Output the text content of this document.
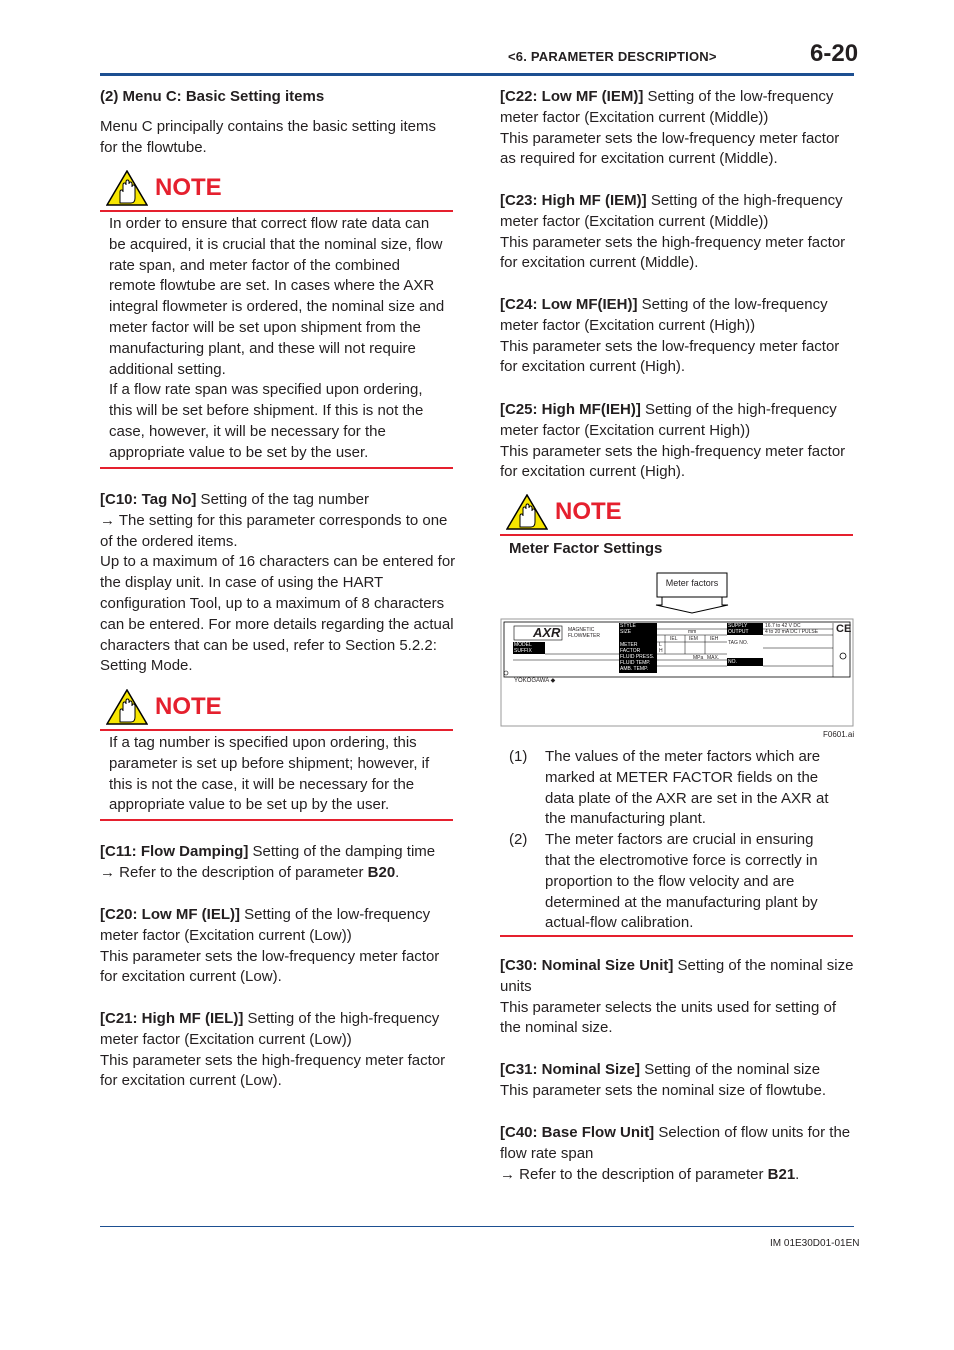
<6. PARAMETER DESCRIPTION>	6-20
(2) Menu C: Basic Setting items
Menu C principally contains the basic setting items for the flowtube.
NOTE

In order to ensure that correct flow rate data can be acquired, it is crucial that the nominal size, flow rate span, and meter factor of the combined remote flowtube are set. In cases where the AXR integral flowmeter is ordered, the nominal size and meter factor will be set upon shipment from the manufacturing plant, and these will not require additional setting.

If a flow rate span was specified upon ordering, this will be set before shipment. If this is not the case, however, it will be necessary for the appropriate value to be set by the user.

[C10: Tag No] Setting of the tag number

→ The setting for this parameter corresponds to one of the ordered items.

Up to a maximum of 16 characters can be entered for the display unit. In case of using the HART configuration Tool, up to a maximum of 8 characters can be entered. For more details regarding the actual characters that can be used, refer to Section 5.2.2: Setting Mode.

NOTE

If a tag number is specified upon ordering, this parameter is set up before shipment; however, if this is not the case, it will be necessary for the appropriate value to be set up by the user.

[C11: Flow Damping] Setting of the damping time

→ Refer to the description of parameter B20.

[C20: Low MF (IEL)] Setting of the low-frequency meter factor (Excitation current (Low))

This parameter sets the low-frequency meter factor for excitation current (Low).

[C21: High MF (IEL)] Setting of the high-frequency meter factor (Excitation current (Low))

This parameter sets the high-frequency meter factor for excitation current (Low).

[C22: Low MF (IEM)] Setting of the low-frequency meter factor (Excitation current (Middle))

This parameter sets the low-frequency meter factor as required for excitation current (Middle).

[C23: High MF (IEM)] Setting of the high-frequency meter factor (Excitation current (Middle))

This parameter sets the high-frequency meter factor for excitation current (Middle).

[C24: Low MF(IEH)] Setting of the low-frequency meter factor (Excitation current (High))

This parameter sets the low-frequency meter factor for excitation current (High).

[C25: High MF(IEH)] Setting of the high-frequency meter factor (Excitation current High))

This parameter sets the high-frequency meter factor for excitation current (High).

NOTE
Meter Factor Settings
Meter factors
AXR MAGNETIC
FLOWMETER
MODEL
SUFFIX
STYLE
SIZE
METER
FACTOR
FLUID PRESS.
FLUID TEMP.
AMB. TEMP.
SUPPLY
OUTPUT
TAG NO.
NO.
mm
IEL IEM IEH
L
H
MPa MAX.
16.7 to 42 V DC
4 to 20 mA DC / PULSE CE
YOKOGAWA ◆
F0601.ai
(1) The values of the meter factors which are marked at METER FACTOR fields on the data plate of the AXR are set in the AXR at the manufacturing plant.
(2) The meter factors are crucial in ensuring that the electromotive force is correctly in proportion to the flow velocity and are determined at the manufacturing plant by actual-flow calibration.

[C30: Nominal Size Unit] Setting of the nominal size units

This parameter selects the units used for setting of the nominal size.

[C31: Nominal Size] Setting of the nominal size

This parameter sets the nominal size of flowtube.

[C40: Base Flow Unit] Selection of flow units for the flow rate span

→ Refer to the description of parameter B21.

IM 01E30D01-01EN
